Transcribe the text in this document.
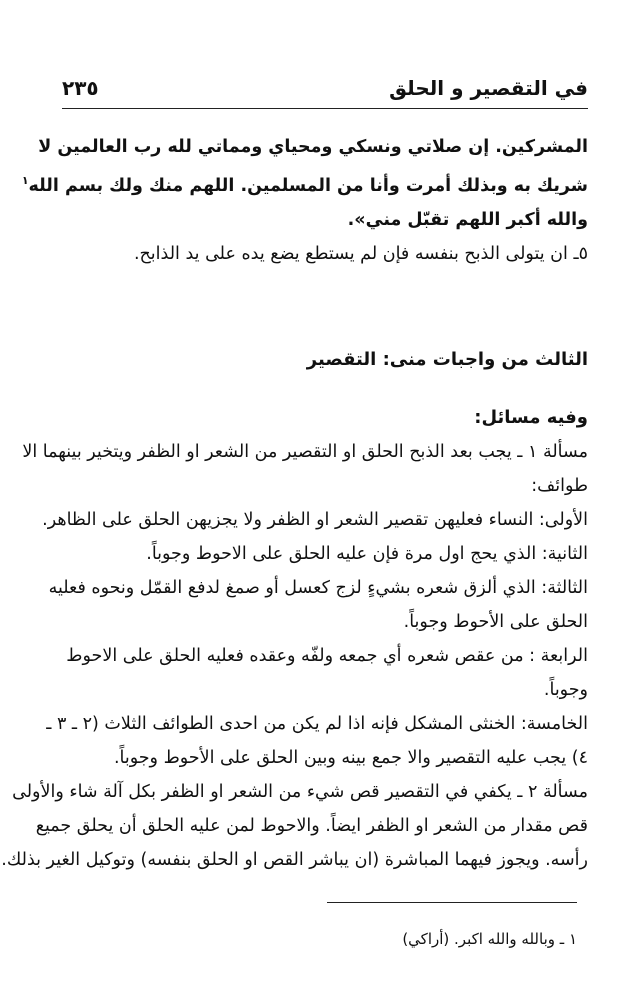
في التقصير و الحلق
٢٣٥
المشركين. إن صلاتي ونسكي ومحياي ومماتي لله رب العالمين لا
شريك به وبذلك أمرت وأنا من المسلمين. اللهم منك ولك بسم الله$^١$
والله أكبر اللهم تقبّل مني».
٥ـ ان يتولى الذبح بنفسه فإن لم يستطع يضع يده على يد الذابح.
الثالث من واجبات منى: التقصير
وفيه مسائل:
مسألة ١ ـ يجب بعد الذبح الحلق او التقصير من الشعر او الظفر ويتخير بينهما الا
طوائف:
الأولى: النساء فعليهن تقصير الشعر او الظفر ولا يجزيهن الحلق على الظاهر.
الثانية: الذي يحج اول مرة فإن عليه الحلق على الاحوط وجوباً.
الثالثة: الذي ألزق شعره بشيءٍ لزج كعسل أو صمغ لدفع القمّل ونحوه فعليه
الحلق على الأحوط وجوباً.
الرابعة : من عقص شعره أي جمعه ولفّه وعقده فعليه الحلق على الاحوط
وجوباً.
الخامسة: الخنثى المشكل فإنه اذا لم يكن من احدى الطوائف الثلاث (٢ ـ ٣ ـ
٤) يجب عليه التقصير والا جمع بينه وبين الحلق على الأحوط وجوباً.
مسألة ٢ ـ يكفي في التقصير قص شيء من الشعر او الظفر بكل آلة شاء والأولى
قص مقدار من الشعر او الظفر ايضاً. والاحوط لمن عليه الحلق أن يحلق جميع
رأسه. ويجوز فيهما المباشرة (ان يباشر القص او الحلق بنفسه) وتوكيل الغير بذلك.
١ ـ وبالله والله اكبر. (أراكي)
